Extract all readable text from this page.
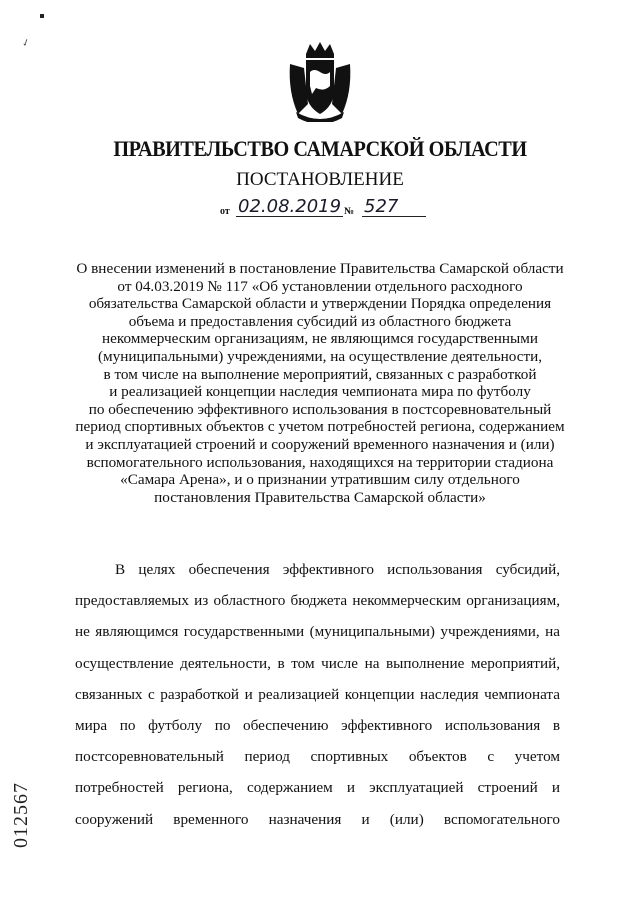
✓
ПРАВИТЕЛЬСТВО САМАРСКОЙ ОБЛАСТИ
ПОСТАНОВЛЕНИЕ
от 02.08.2019 № 527
О внесении изменений в постановление Правительства Самарской области
от 04.03.2019 № 117 «Об установлении отдельного расходного
обязательства Самарской области и утверждении Порядка определения
объема и предоставления субсидий из областного бюджета
некоммерческим организациям, не являющимся государственными
(муниципальными) учреждениями, на осуществление деятельности,
в том числе на выполнение мероприятий, связанных с разработкой
и реализацией концепции наследия чемпионата мира по футболу
по обеспечению эффективного использования в постсоревновательный
период спортивных объектов с учетом потребностей региона, содержанием
и эксплуатацией строений и сооружений временного назначения и (или)
вспомогательного использования, находящихся на территории стадиона
«Самара Арена», и о признании утратившим силу отдельного
постановления Правительства Самарской области»
В целях обеспечения эффективного использования субсидий,
предоставляемых из областного бюджета некоммерческим организациям,
не являющимся государственными (муниципальными) учреждениями, на
осуществление деятельности, в том числе на выполнение мероприятий,
связанных с разработкой и реализацией концепции наследия чемпионата
мира по футболу по обеспечению эффективного использования в
постсоревновательный период спортивных объектов с учетом
потребностей региона, содержанием и эксплуатацией строений и
сооружений временного назначения и (или) вспомогательного
012567
